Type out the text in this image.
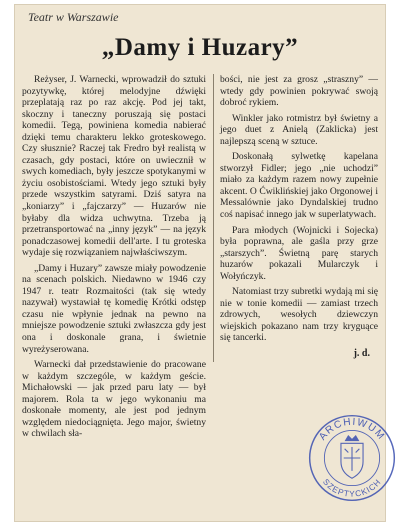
Teatr w Warszawie
„Damy i Huzary”

Reżyser, J. Warnecki, wprowadził do sztuki pozytywkę, której melodyjne dźwięki przeplatają raz po raz akcję. Pod jej takt, skoczny i taneczny poruszają się postaci komedii. Tegą, powiniena komedia nabierać dzięki temu charakteru lekko groteskowego. Czy słusznie? Raczej tak Fredro był realistą w czasach, gdy postaci, które on uwiecznił w swych komediach, były jeszcze spotykanymi w życiu osobistościami. Wtedy jego sztuki były przede wszystkim satyrami. Dziś satyra na „koniarzy” i „fajczarzy” — Huzarów nie byłaby dla widza uchwytna. Trzeba ją przetransportować na „inny język” — na język ponadczasowej komedii dell'arte. I tu groteska wydaje się rozwiązaniem najwłaściwszym.

„Damy i Huzary” zawsze miały powodzenie na scenach polskich. Niedawno w 1946 czy 1947 r. teatr Rozmaitości (tak się wtedy nazywał) wystawiał tę komedię Krótki odstęp czasu nie wpłynie jednak na pewno na mniejsze powodzenie sztuki zwłaszcza gdy jest ona i doskonale grana, i świetnie wyreżyserowana.

Warnecki dał przedstawienie do pracowane w każdym szczególe, w każdym geście. Michałowski — jak przed paru laty — był majorem. Rola ta w jego wykonaniu ma doskonałe momenty, ale jest pod jednym względem niedociągnięta. Jego major, świetny w chwilach sła-

bości, nie jest za grosz „straszny” — wtedy gdy powinien pokrywać swoją dobroć rykiem.

Winkler jako rotmistrz był świetny a jego duet z Anielą (Zaklicka) jest najlepszą sceną w sztuce.

Doskonałą sylwetkę kapelana stworzył Fidler; jego „nie uchodzi” miało za każdym razem nowy zupełnie akcent. O Ćwiklińskiej jako Orgonowej i Messalównie jako Dyndalskiej trudno coś napisać innego jak w superlatywach.

Para młodych (Wojnicki i Sojecka) była poprawna, ale gaśla przy grze „starszych”. Świetną parę starych huzarów pokazali Mularczyk i Wołyńczyk.

Natomiast trzy subretki wydają mi się nie w tonie komedii — zamiast trzech zdrowych, wesołych dziewczyn wiejskich pokazano nam trzy kryguące się tancerki.

j. d.
ARCHIWUM
SZEPTYCKICH
